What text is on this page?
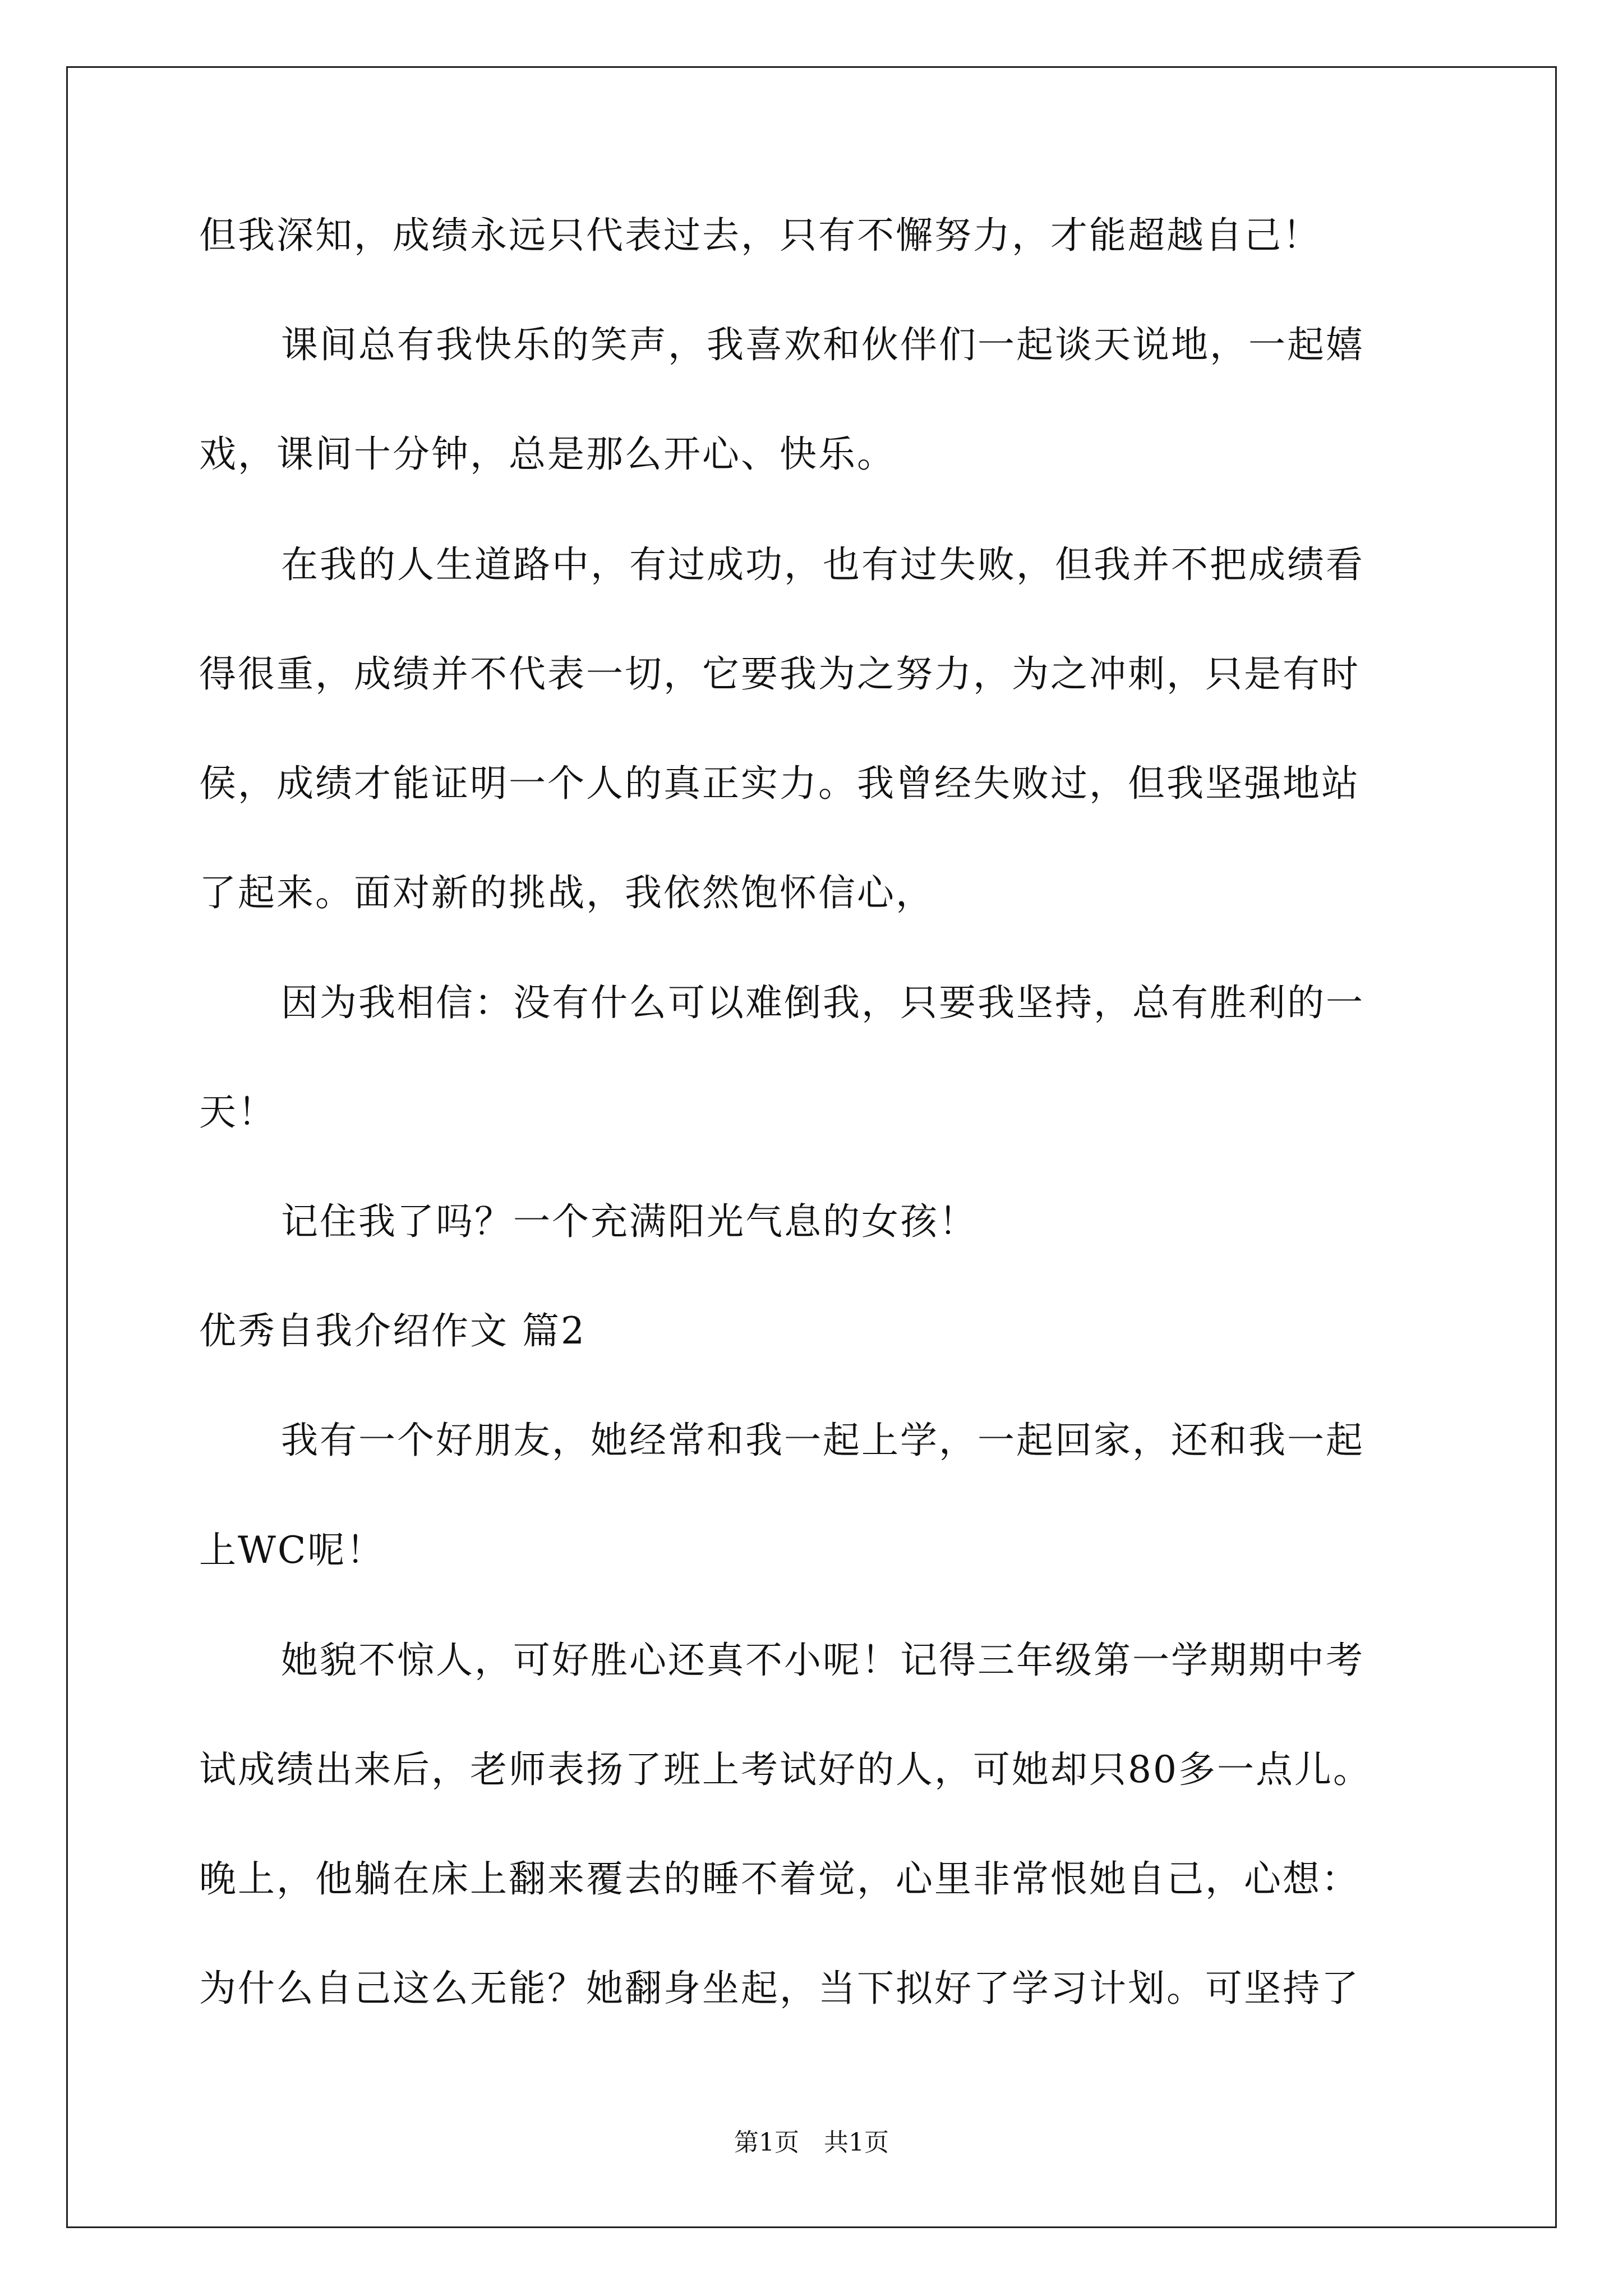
但我深知，成绩永远只代表过去，只有不懈努力，才能超越自己！
课间总有我快乐的笑声，我喜欢和伙伴们一起谈天说地，一起嬉
戏，课间十分钟，总是那么开心、快乐。
在我的人生道路中，有过成功，也有过失败，但我并不把成绩看
得很重，成绩并不代表一切，它要我为之努力，为之冲刺，只是有时
侯，成绩才能证明一个人的真正实力。我曾经失败过，但我坚强地站
了起来。面对新的挑战，我依然饱怀信心，
因为我相信：没有什么可以难倒我，只要我坚持，总有胜利的一
天！
记住我了吗？一个充满阳光气息的女孩！
优秀自我介绍作文 篇2
我有一个好朋友，她经常和我一起上学，一起回家，还和我一起
上WC呢！
她貌不惊人，可好胜心还真不小呢！记得三年级第一学期期中考
试成绩出来后，老师表扬了班上考试好的人，可她却只80多一点儿。
晚上，他躺在床上翻来覆去的睡不着觉，心里非常恨她自己，心想：
为什么自己这么无能？她翻身坐起，当下拟好了学习计划。可坚持了
第1页　共1页
